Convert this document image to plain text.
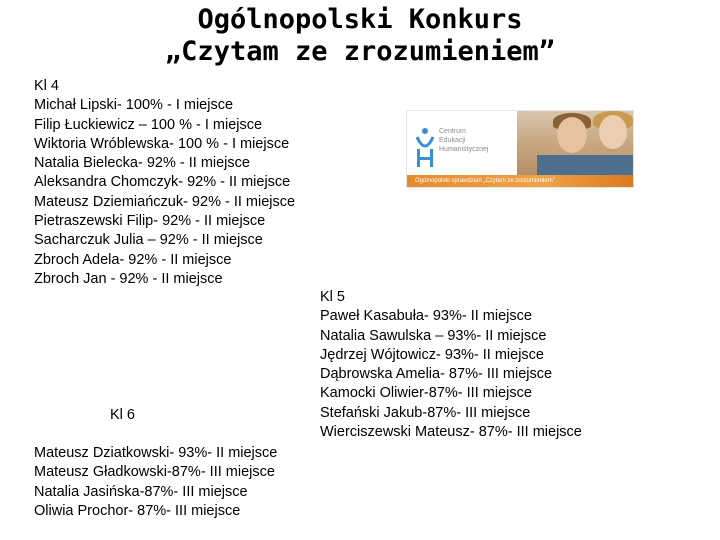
Ogólnopolski Konkurs
„Czytam ze zrozumieniem”
Kl 4
Michał Lipski- 100% - I miejsce
Filip Łuckiewicz – 100 % - I miejsce
Wiktoria Wróblewska- 100 % - I miejsce
Natalia Bielecka- 92% - II miejsce
Aleksandra Chomczyk- 92% - II miejsce
Mateusz Dziemiańczuk- 92% - II miejsce
Pietraszewski Filip- 92% - II miejsce
Sacharczuk Julia – 92% - II miejsce
Zbroch Adela- 92% - II miejsce
Zbroch Jan - 92% - II miejsce
Centrum
Edukacji
Humanistycznej
Ogólnopolski sprawdzian „Czytam ze zrozumieniem”
Kl 5
Paweł Kasabuła- 93%- II miejsce
Natalia Sawulska – 93%- II miejsce
Jędrzej Wójtowicz- 93%- II miejsce
Dąbrowska Amelia- 87%- III miejsce
Kamocki Oliwier-87%- III miejsce
Stefański Jakub-87%- III miejsce
Wierciszewski Mateusz- 87%- III miejsce
Kl 6
Mateusz Dziatkowski- 93%- II miejsce
Mateusz Gładkowski-87%- III miejsce
Natalia Jasińska-87%- III miejsce
Oliwia Prochor- 87%- III miejsce
